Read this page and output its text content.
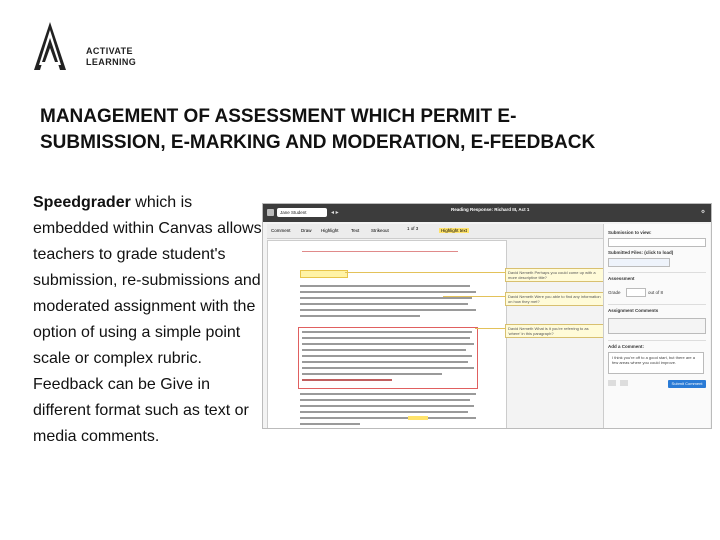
ACTIVATE
LEARNING
MANAGEMENT OF ASSESSMENT WHICH PERMIT E-SUBMISSION, E-MARKING AND MODERATION, E-FEEDBACK

Speedgrader which is embedded within Canvas allows teachers to grade student's submission, re-submissions and moderated assignment with the option of using a simple point scale or complex rubric. Feedback can be Give in different format such as text or media comments.

Jane Student	◂ ▸
Reading Response: Richard III, Act 1	⚙
Comment Draw Highlight	Text	Strikeout	Highlight text
1 of 3
David Nemeth Perhaps you could come up with a more descriptive title?
David Nemeth Were you able to find any information on how they met?
David Nemeth What is it you're referring to as 'where' in this paragraph?
Submission to view:
Submitted Files: (click to load)
Assessment
Grade	out of 8
Assignment Comments
Add a Comment:
I think you're off to a good start, but there are a few areas where you could improve.
Submit Comment
